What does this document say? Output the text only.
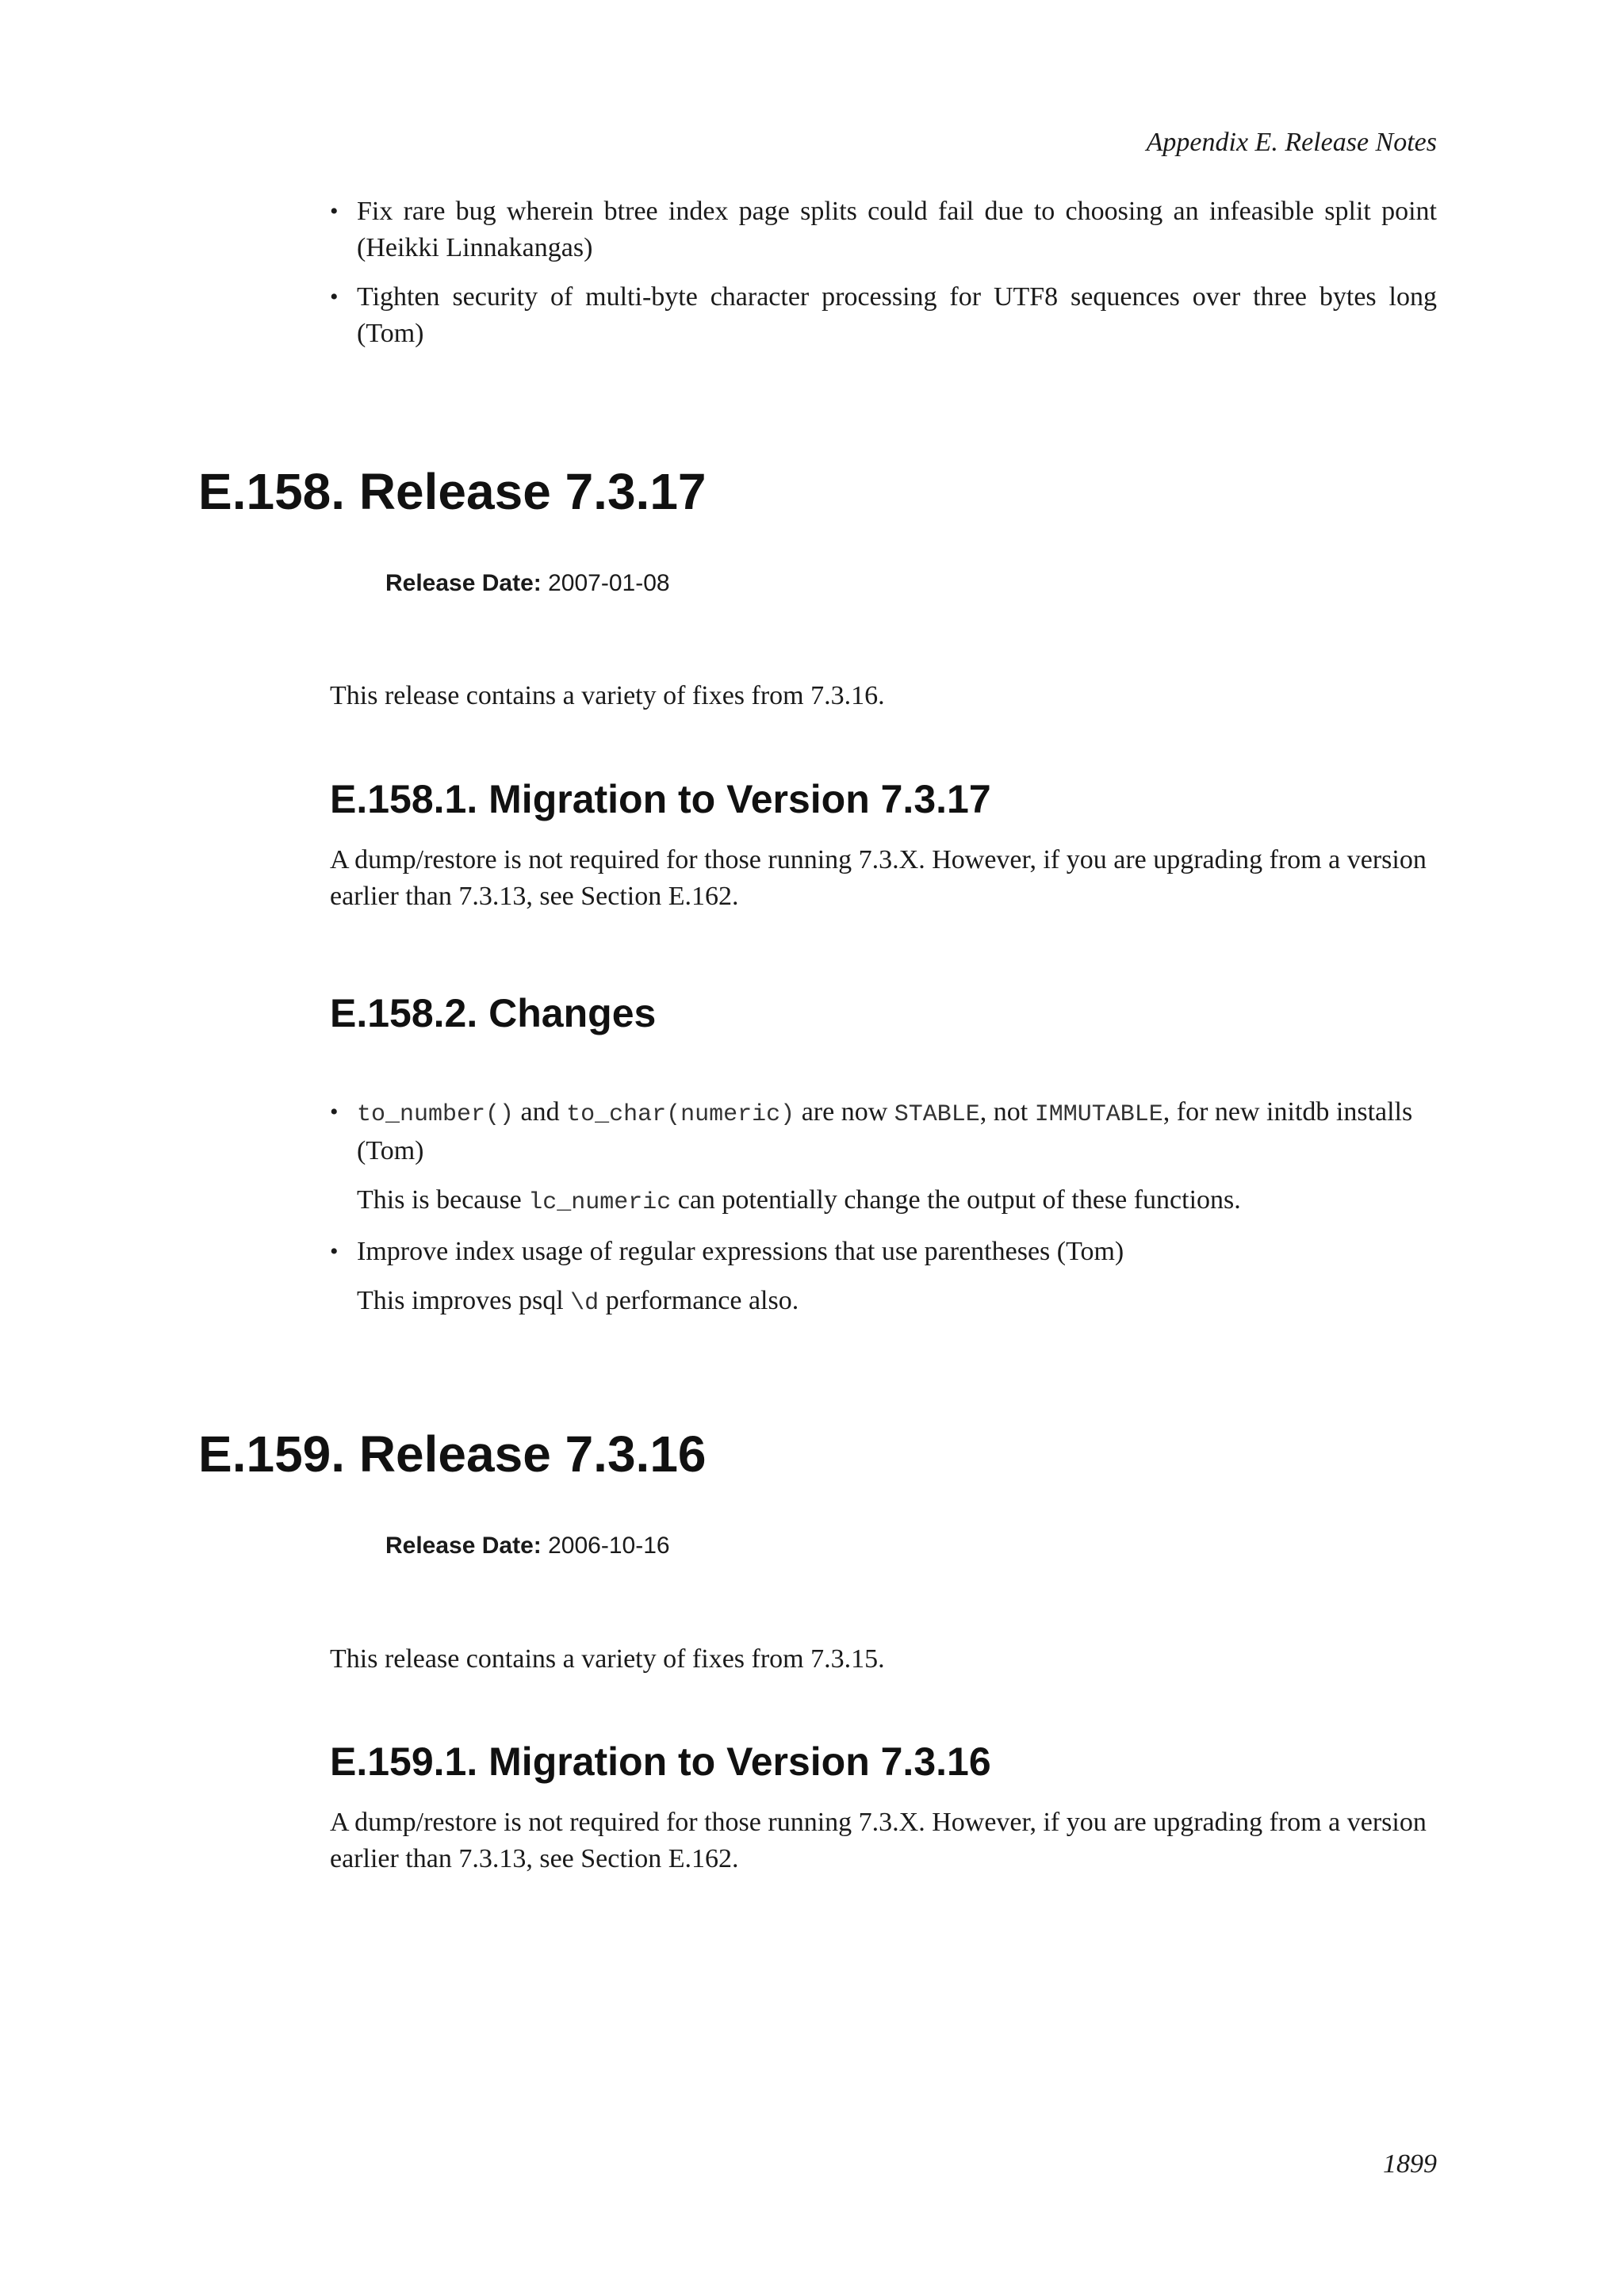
Appendix E. Release Notes
• Fix rare bug wherein btree index page splits could fail due to choosing an infeasible split point (Heikki Linnakangas)
• Tighten security of multi-byte character processing for UTF8 sequences over three bytes long (Tom)
E.158. Release 7.3.17
Release Date: 2007-01-08

This release contains a variety of fixes from 7.3.16.

E.158.1. Migration to Version 7.3.17

A dump/restore is not required for those running 7.3.X. However, if you are upgrading from a version earlier than 7.3.13, see Section E.162.

E.158.2. Changes
• to_number() and to_char(numeric) are now STABLE, not IMMUTABLE, for new initdb installs (Tom)

This is because lc_numeric can potentially change the output of these functions.

• Improve index usage of regular expressions that use parentheses (Tom)

This improves psql \d performance also.

E.159. Release 7.3.16
Release Date: 2006-10-16

This release contains a variety of fixes from 7.3.15.

E.159.1. Migration to Version 7.3.16

A dump/restore is not required for those running 7.3.X. However, if you are upgrading from a version earlier than 7.3.13, see Section E.162.

1899
